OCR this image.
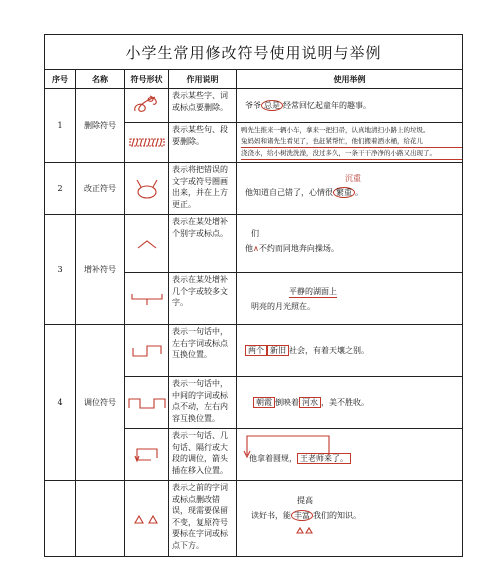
小学生常用修改符号使用说明与举例				
序号	名称	符号形状	作用说明	使用举例
1	删除符号		表示某些字、词或标点要删除。	爷爷 总是 经常回忆起童年的趣事。

	表示某些句、段要删除。	鸭先生推来一辆小车，拿来一把扫帚，认真地清扫小路上的垃圾。
兔妈妈和诸先生看见了，也赶紧帮忙，他们搬着洒水桶，给花儿
浇浇水，给小树洗洗澡，没过多久，一条干干净净的小路又出现了。

2	改正符号		表示将把错误的文字或符号圈画出来，并在上方更正。	沉重
他知道自己错了，心情很 繁重 。

3	增补符号		表示在某处增补个别字或标点。	们
他∧不约而同地奔向操场。

	表示在某处增补几个字或较多文字。	平静的湖面上
明亮的月光照在。

4	调位符号		表示一句话中，左右字词或标点互换位置。	两个 新旧 社会，有着天壤之别。

	表示一句话中，中间的字词或标点不动，左右内容互换位置。	朝霞 倒映着 河水 ，美不胜收。

	表示一句话、几句话、隔行或大段的调位，箭头插在移入位置。	他拿着圆规， 王老师来了。

	表示之前的字词或标点删改错误，现需要保留不变，复原符号要标在字词或标点下方。	提高
读好书，能 丰富 我们的知识。
